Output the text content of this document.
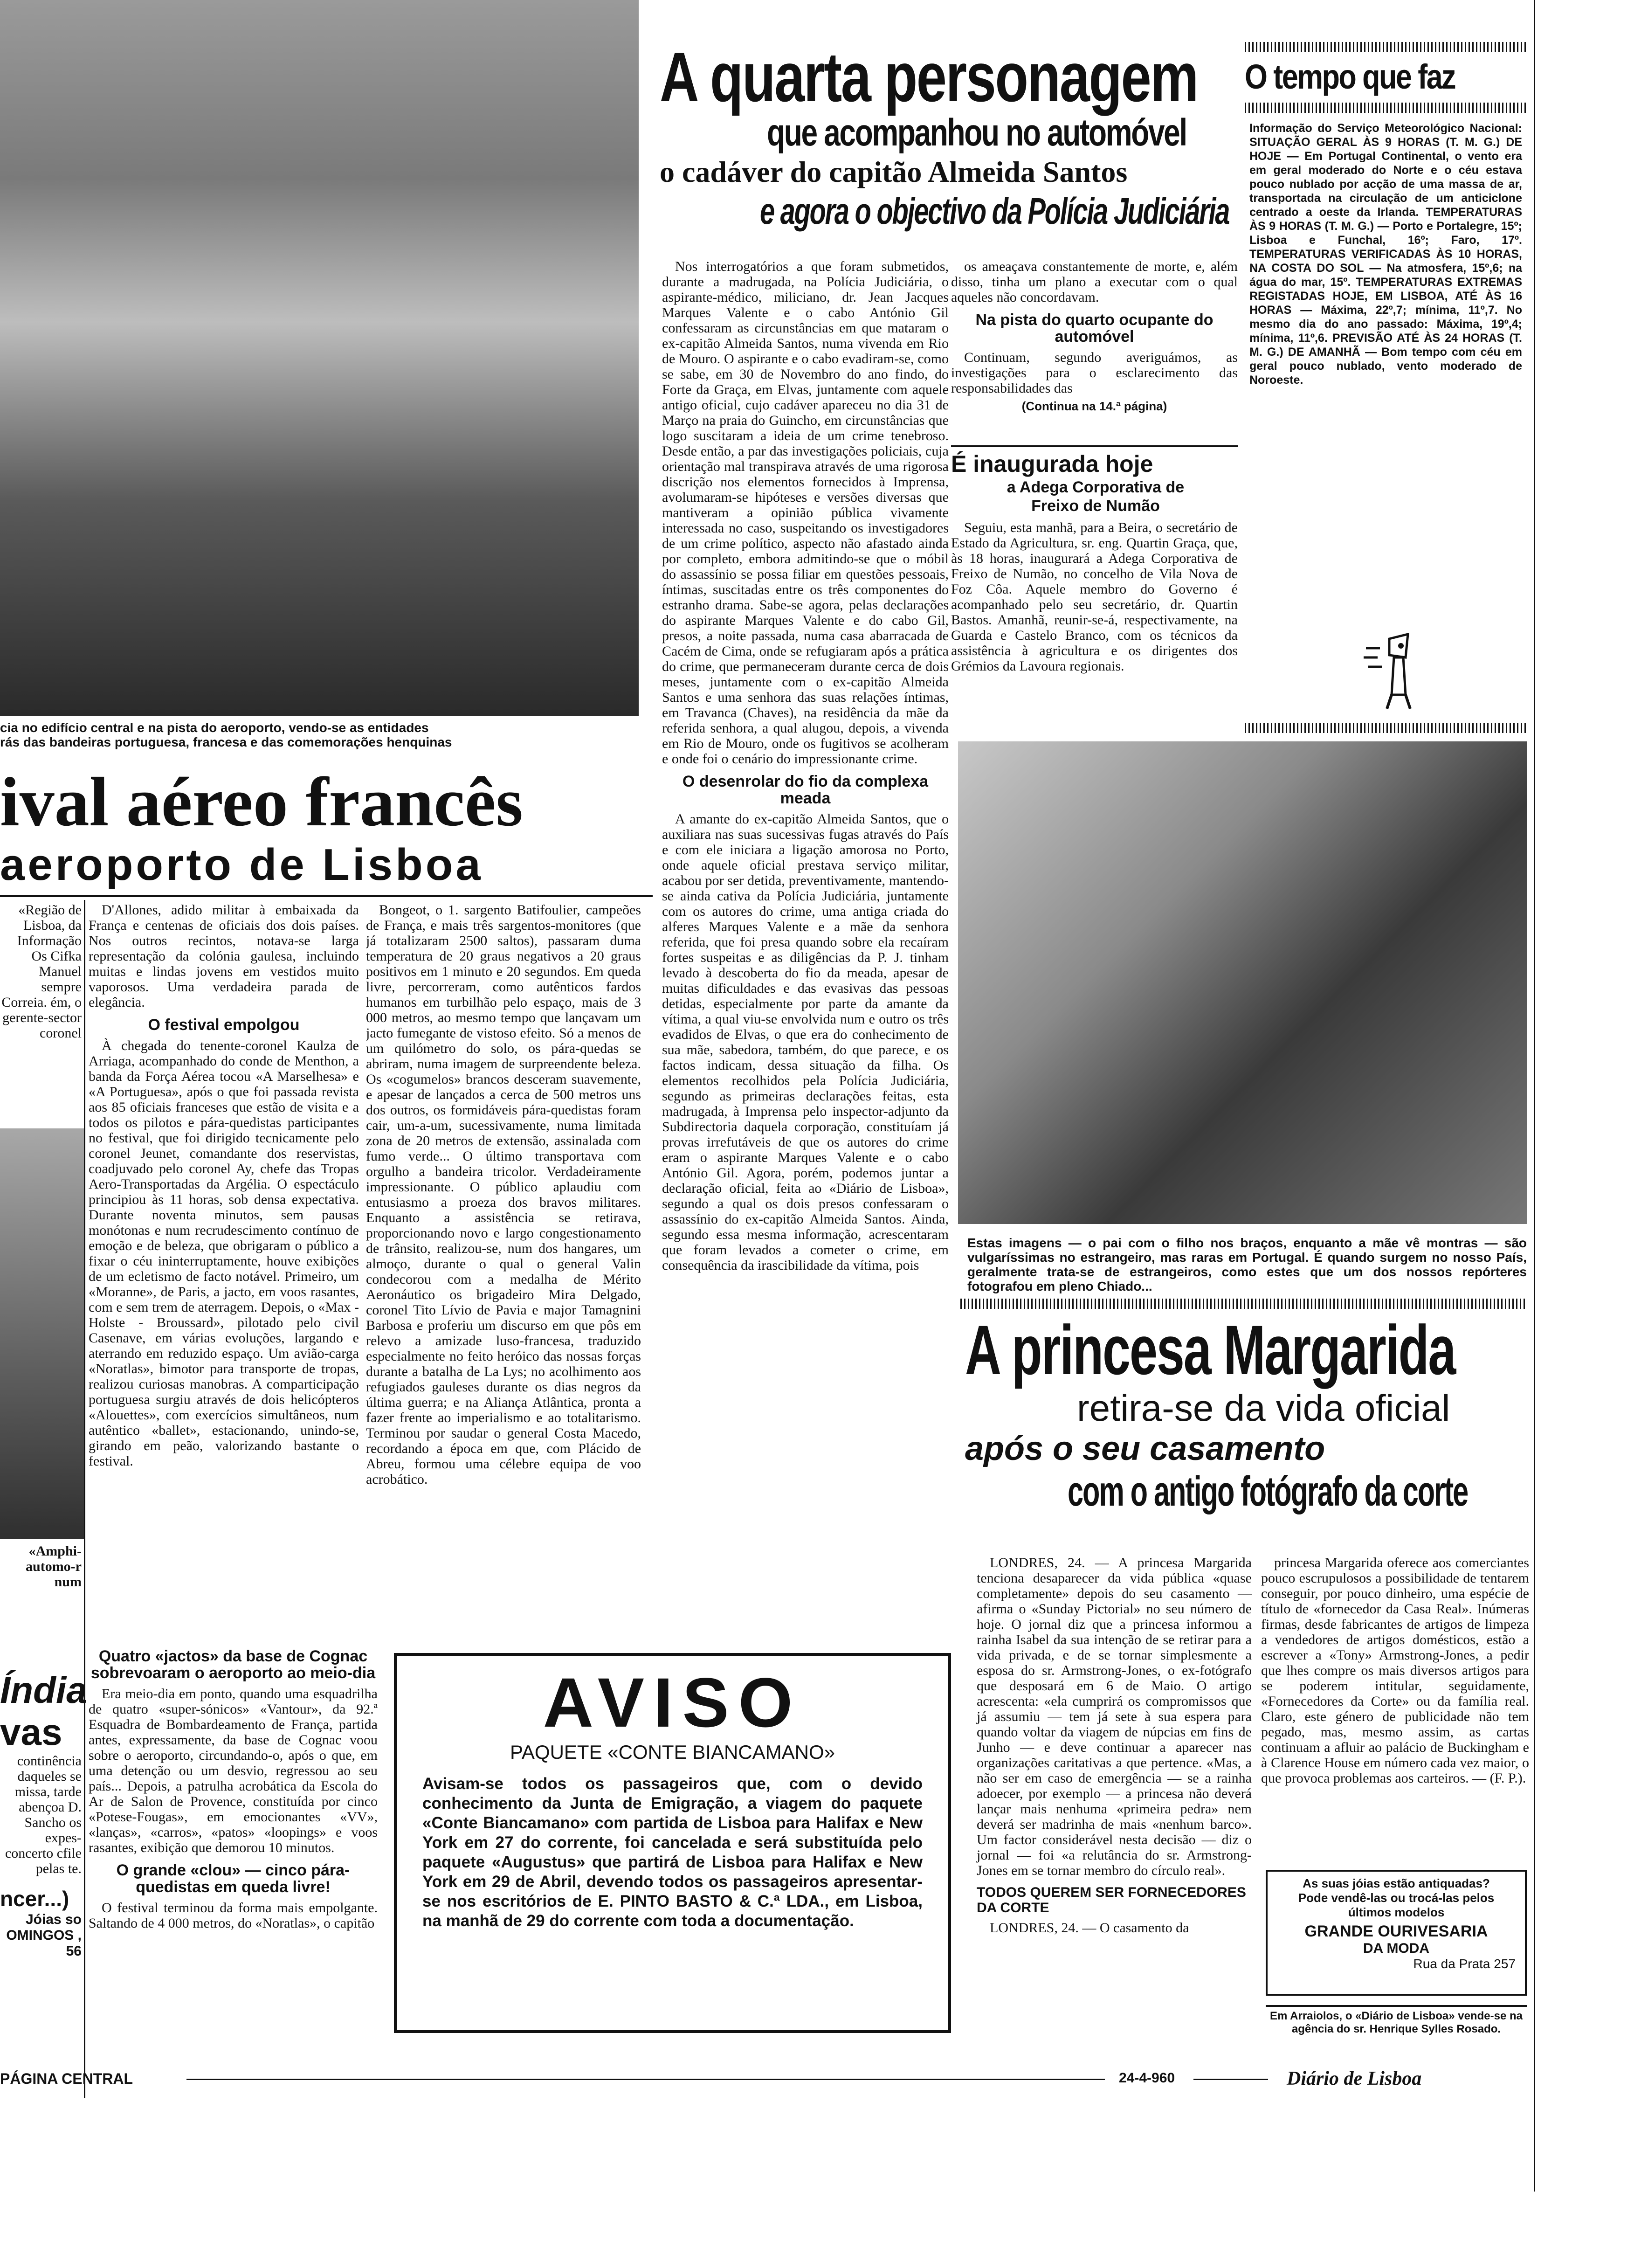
cia no edifício central e na pista do aeroporto, vendo-se as entidades
rás das bandeiras portuguesa, francesa e das comemorações henquinas
ival aéreo francês
aeroporto de Lisboa
A quarta personagem
que acompanhou no automóvel
o cadáver do capitão Almeida Santos
e agora o objectivo da Polícia Judiciária
O tempo que faz
Informação do Serviço Meteorológico Nacional: SITUAÇÃO GERAL ÀS 9 HORAS (T. M. G.) DE HOJE — Em Portugal Continental, o vento era em geral moderado do Norte e o céu estava pouco nublado por acção de uma massa de ar, transportada na circulação de um anticiclone centrado a oeste da Irlanda. TEMPERATURAS ÀS 9 HORAS (T. M. G.) — Porto e Portalegre, 15º; Lisboa e Funchal, 16º; Faro, 17º. TEMPERATURAS VERIFICADAS ÀS 10 HORAS, NA COSTA DO SOL — Na atmosfera, 15º,6; na água do mar, 15º. TEMPERATURAS EXTREMAS REGISTADAS HOJE, EM LISBOA, ATÉ ÀS 16 HORAS — Máxima, 22º,7; mínima, 11º,7. No mesmo dia do ano passado: Máxima, 19º,4; mínima, 11º,6. PREVISÃO ATÉ ÀS 24 HORAS (T. M. G.) DE AMANHÃ — Bom tempo com céu em geral pouco nublado, vento moderado de Noroeste.

Nos interrogatórios a que foram submetidos, durante a madrugada, na Polícia Judiciária, o aspirante-médico, miliciano, dr. Jean Jacques Marques Valente e o cabo António Gil confessaram as circunstâncias em que mataram o ex-capitão Almeida Santos, numa vivenda em Rio de Mouro. O aspirante e o cabo evadiram-se, como se sabe, em 30 de Novembro do ano findo, do Forte da Graça, em Elvas, juntamente com aquele antigo oficial, cujo cadáver apareceu no dia 31 de Março na praia do Guincho, em circunstâncias que logo suscitaram a ideia de um crime tenebroso. Desde então, a par das investigações policiais, cuja orientação mal transpirava através de uma rigorosa discrição nos elementos fornecidos à Imprensa, avolumaram-se hipóteses e versões diversas que mantiveram a opinião pública vivamente interessada no caso, suspeitando os investigadores de um crime político, aspecto não afastado ainda por completo, embora admitindo-se que o móbil do assassínio se possa filiar em questões pessoais, íntimas, suscitadas entre os três componentes do estranho drama. Sabe-se agora, pelas declarações do aspirante Marques Valente e do cabo Gil, presos, a noite passada, numa casa abarracada de Cacém de Cima, onde se refugiaram após a prática do crime, que permaneceram durante cerca de dois meses, juntamente com o ex-capitão Almeida Santos e uma senhora das suas relações íntimas, em Travanca (Chaves), na residência da mãe da referida senhora, a qual alugou, depois, a vivenda em Rio de Mouro, onde os fugitivos se acolheram e onde foi o cenário do impressionante crime.

O desenrolar do fio da complexa meada

A amante do ex-capitão Almeida Santos, que o auxiliara nas suas sucessivas fugas através do País e com ele iniciara a ligação amorosa no Porto, onde aquele oficial prestava serviço militar, acabou por ser detida, preventivamente, mantendo-se ainda cativa da Polícia Judiciária, juntamente com os autores do crime, uma antiga criada do alferes Marques Valente e a mãe da senhora referida, que foi presa quando sobre ela recaíram fortes suspeitas e as diligências da P. J. tinham levado à descoberta do fio da meada, apesar de muitas dificuldades e das evasivas das pessoas detidas, especialmente por parte da amante da vítima, a qual viu-se envolvida num e outro os três evadidos de Elvas, o que era do conhecimento de sua mãe, sabedora, também, do que parece, e os factos indicam, dessa situação da filha. Os elementos recolhidos pela Polícia Judiciária, segundo as primeiras declarações feitas, esta madrugada, à Imprensa pelo inspector-adjunto da Subdirectoria daquela corporação, constituíam já provas irrefutáveis de que os autores do crime eram o aspirante Marques Valente e o cabo António Gil. Agora, porém, podemos juntar a declaração oficial, feita ao «Diário de Lisboa», segundo a qual os dois presos confessaram o assassínio do ex-capitão Almeida Santos. Ainda, segundo essa mesma informação, acrescentaram que foram levados a cometer o crime, em consequência da irascibilidade da vítima, pois

os ameaçava constantemente de morte, e, além disso, tinha um plano a executar com o qual aqueles não concordavam.

Na pista do quarto ocupante do automóvel

Continuam, segundo averiguámos, as investigações para o esclarecimento das responsabilidades das

(Continua na 14.ª página)
É inaugurada hoje
a Adega Corporativa de Freixo de Numão
Seguiu, esta manhã, para a Beira, o secretário de Estado da Agricultura, sr. eng. Quartin Graça, que, às 18 horas, inaugurará a Adega Corporativa de Freixo de Numão, no concelho de Vila Nova de Foz Côa. Aquele membro do Governo é acompanhado pelo seu secretário, dr. Quartin Bastos. Amanhã, reunir-se-á, respectivamente, na Guarda e Castelo Branco, com os técnicos da assistência à agricultura e os dirigentes dos Grémios da Lavoura regionais.
Estas imagens — o pai com o filho nos braços, enquanto a mãe vê montras — são vulgaríssimas no estrangeiro, mas raras em Portugal. É quando surgem no nosso País, geralmente trata-se de estrangeiros, como estes que um dos nossos repórteres fotografou em pleno Chiado...
A princesa Margarida
retira-se da vida oficial
após o seu casamento
com o antigo fotógrafo da corte

LONDRES, 24. — A princesa Margarida tenciona desaparecer da vida pública «quase completamente» depois do seu casamento — afirma o «Sunday Pictorial» no seu número de hoje. O jornal diz que a princesa informou a rainha Isabel da sua intenção de se retirar para a vida privada, e de se tornar simplesmente a esposa do sr. Armstrong-Jones, o ex-fotógrafo que desposará em 6 de Maio. O artigo acrescenta: «ela cumprirá os compromissos que já assumiu — tem já sete à sua espera para quando voltar da viagem de núpcias em fins de Junho — e deve continuar a aparecer nas organizações caritativas a que pertence. «Mas, a não ser em caso de emergência — se a rainha adoecer, por exemplo — a princesa não deverá lançar mais nenhuma «primeira pedra» nem deverá ser madrinha de mais «nenhum barco». Um factor considerável nesta decisão — diz o jornal — foi «a relutância do sr. Armstrong-Jones em se tornar membro do círculo real».

TODOS QUEREM SER FORNECEDORES DA CORTE

LONDRES, 24. — O casamento da

princesa Margarida oferece aos comerciantes pouco escrupulosos a possibilidade de tentarem conseguir, por pouco dinheiro, uma espécie de título de «fornecedor da Casa Real». Inúmeras firmas, desde fabricantes de artigos de limpeza a vendedores de artigos domésticos, estão a escrever a «Tony» Armstrong-Jones, a pedir que lhes compre os mais diversos artigos para se poderem intitular, seguidamente, «Fornecedores da Corte» ou da família real. Claro, este género de publicidade não tem pegado, mas, mesmo assim, as cartas continuam a afluir ao palácio de Buckingham e à Clarence House em número cada vez maior, o que provoca problemas aos carteiros. — (F. P.).

As suas jóias estão antiquadas?
Pode vendê-las ou trocá-las pelos últimos modelos
GRANDE OURIVESARIA
DA MODA
Rua da Prata 257
Em Arraiolos, o «Diário de Lisboa» vende-se na agência do sr. Henrique Sylles Rosado.

«Região de Lisboa, da Informação Os Cifka Manuel sempre Correia. ém, o gerente-sector coronel

«Amphi-automo-r num

D'Allones, adido militar à embaixada da França e centenas de oficiais dos dois países. Nos outros recintos, notava-se larga representação da colónia gaulesa, incluindo muitas e lindas jovens em vestidos muito vaporosos. Uma verdadeira parada de elegância.

O festival empolgou

À chegada do tenente-coronel Kaulza de Arriaga, acompanhado do conde de Menthon, a banda da Força Aérea tocou «A Marselhesa» e «A Portuguesa», após o que foi passada revista aos 85 oficiais franceses que estão de visita e a todos os pilotos e pára-quedistas participantes no festival, que foi dirigido tecnicamente pelo coronel Jeunet, comandante dos reservistas, coadjuvado pelo coronel Ay, chefe das Tropas Aero-Transportadas da Argélia. O espectáculo principiou às 11 horas, sob densa expectativa. Durante noventa minutos, sem pausas monótonas e num recrudescimento contínuo de emoção e de beleza, que obrigaram o público a fixar o céu ininterruptamente, houve exibições de um ecletismo de facto notável. Primeiro, um «Moranne», de Paris, a jacto, em voos rasantes, com e sem trem de aterragem. Depois, o «Max - Holste - Broussard», pilotado pelo civil Casenave, em várias evoluções, largando e aterrando em reduzido espaço. Um avião-carga «Noratlas», bimotor para transporte de tropas, realizou curiosas manobras. A comparticipação portuguesa surgiu através de dois helicópteros «Alouettes», com exercícios simultâneos, num autêntico «ballet», estacionando, unindo-se, girando em peão, valorizando bastante o festival.

Bongeot, o 1. sargento Batifoulier, campeões de França, e mais três sargentos-monitores (que já totalizaram 2500 saltos), passaram duma temperatura de 20 graus negativos a 20 graus positivos em 1 minuto e 20 segundos. Em queda livre, percorreram, como autênticos fardos humanos em turbilhão pelo espaço, mais de 3 000 metros, ao mesmo tempo que lançavam um jacto fumegante de vistoso efeito. Só a menos de um quilómetro do solo, os pára-quedas se abriram, numa imagem de surpreendente beleza. Os «cogumelos» brancos desceram suavemente, e apesar de lançados a cerca de 500 metros uns dos outros, os formidáveis pára-quedistas foram cair, um-a-um, sucessivamente, numa limitada zona de 20 metros de extensão, assinalada com fumo verde... O último transportava com orgulho a bandeira tricolor. Verdadeiramente impressionante. O público aplaudiu com entusiasmo a proeza dos bravos militares. Enquanto a assistência se retirava, proporcionando novo e largo congestionamento de trânsito, realizou-se, num dos hangares, um almoço, durante o qual o general Valin condecorou com a medalha de Mérito Aeronáutico os brigadeiro Mira Delgado, coronel Tito Lívio de Pavia e major Tamagnini Barbosa e proferiu um discurso em que pôs em relevo a amizade luso-francesa, traduzido especialmente no feito heróico das nossas forças durante a batalha de La Lys; no acolhimento aos refugiados gauleses durante os dias negros da última guerra; e na Aliança Atlântica, pronta a fazer frente ao imperialismo e ao totalitarismo. Terminou por saudar o general Costa Macedo, recordando a época em que, com Plácido de Abreu, formou uma célebre equipa de voo acrobático.

Quatro «jactos» da base de Cognac sobrevoaram o aeroporto ao meio-dia

Era meio-dia em ponto, quando uma esquadrilha de quatro «super-sónicos» «Vantour», da 92.ª Esquadra de Bombardeamento de França, partida antes, expressamente, da base de Cognac voou sobre o aeroporto, circundando-o, após o que, em uma detenção ou um desvio, regressou ao seu país... Depois, a patrulha acrobática da Escola do Ar de Salon de Provence, constituída por cinco «Potese-Fougas», em emocionantes «VV», «lanças», «carros», «patos» «loopings» e voos rasantes, exibição que demorou 10 minutos.

O grande «clou» — cinco pára-quedistas em queda livre!

O festival terminou da forma mais empolgante. Saltando de 4 000 metros, do «Noratlas», o capitão

Índia
vas
continência daqueles se missa, tarde abençoa D. Sancho os expes-concerto cfile pelas te.
ncer...)
Jóias so OMINGOS , 56
AVISO
PAQUETE «CONTE BIANCAMANO»
Avisam-se todos os passageiros que, com o devido conhecimento da Junta de Emigração, a viagem do paquete «Conte Biancamano» com partida de Lisboa para Halifax e New York em 27 do corrente, foi cancelada e será substituída pelo paquete «Augustus» que partirá de Lisboa para Halifax e New York em 29 de Abril, devendo todos os passageiros apresentar-se nos escritórios de E. PINTO BASTO & C.ª LDA., em Lisboa, na manhã de 29 do corrente com toda a documentação.
PÁGINA CENTRAL	24-4-960	Diário de Lisboa
